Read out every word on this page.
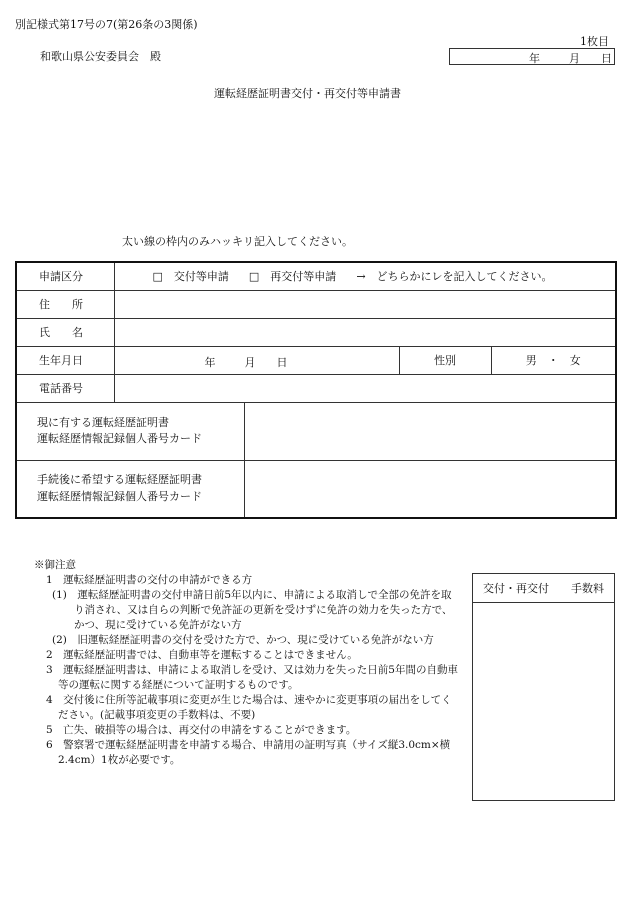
別記様式第17号の7(第26条の3関係)
1枚目
和歌山県公安委員会　殿	年	月 日
運転経歴証明書交付・再交付等申請書
太い線の枠内のみハッキリ記入してください。
申請区分	□　交付等申請 □　再交付等申請 →　どちらかにレを記入してください。			

住　　所				
氏　　名				
生年月日	年 月 日		性別	男　・　女
電話番号				

現に有する運転経歴証明書
運転経歴情報記録個人番号カード				

手続後に希望する運転経歴証明書
運転経歴情報記録個人番号カード				

※御注意
1　運転経歴証明書の交付の申請ができる方
(1)　運転経歴証明書の交付申請日前5年以内に、申請による取消しで全部の免許を取り消され、又は自らの判断で免許証の更新を受けずに免許の効力を失った方で、かつ、現に受けている免許がない方
(2)　旧運転経歴証明書の交付を受けた方で、かつ、現に受けている免許がない方
2　運転経歴証明書では、自動車等を運転することはできません。
3　運転経歴証明書は、申請による取消しを受け、又は効力を失った日前5年間の自動車等の運転に関する経歴について証明するものです。
4　交付後に住所等記載事項に変更が生じた場合は、速やかに変更事項の届出をしてください。(記載事項変更の手数料は、不要)
5　亡失、破損等の場合は、再交付の申請をすることができます。
6　警察署で運転経歴証明書を申請する場合、申請用の証明写真（サイズ縦3.0cm×横2.4cm）1枚が必要です。
交付・再交付　　手数料
